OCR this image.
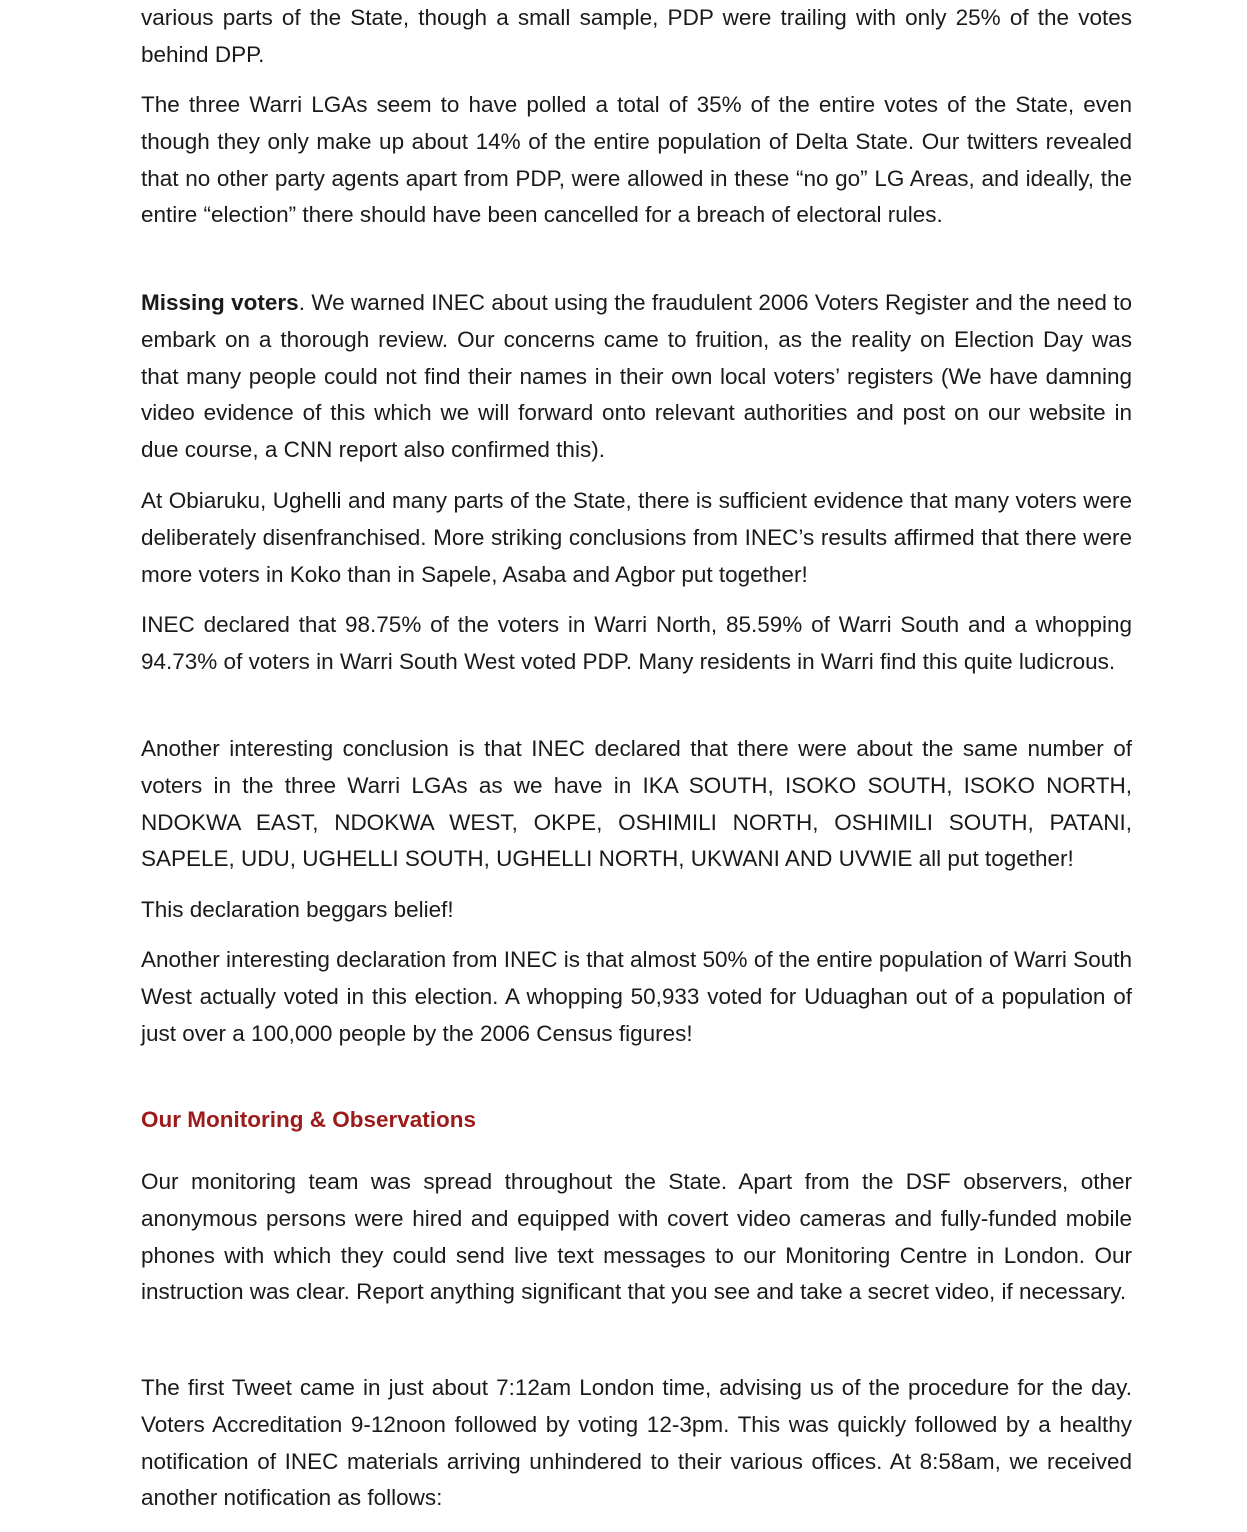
various parts of the State, though a small sample, PDP were trailing with only 25% of the votes behind DPP.

The three Warri LGAs seem to have polled a total of 35% of the entire votes of the State, even though they only make up about 14% of the entire population of Delta State. Our twitters revealed that no other party agents apart from PDP, were allowed in these “no go” LG Areas, and ideally, the entire “election” there should have been cancelled for a breach of electoral rules.

Missing voters. We warned INEC about using the fraudulent 2006 Voters Register and the need to embark on a thorough review. Our concerns came to fruition, as the reality on Election Day was that many people could not find their names in their own local voters’ registers (We have damning video evidence of this which we will forward onto relevant authorities and post on our website in due course, a CNN report also confirmed this).

At Obiaruku, Ughelli and many parts of the State, there is sufficient evidence that many voters were deliberately disenfranchised. More striking conclusions from INEC’s results affirmed that there were more voters in Koko than in Sapele, Asaba and Agbor put together!

INEC declared that 98.75% of the voters in Warri North, 85.59% of Warri South and a whopping 94.73% of voters in Warri South West voted PDP. Many residents in Warri find this quite ludicrous.

Another interesting conclusion is that INEC declared that there were about the same number of voters in the three Warri LGAs as we have in IKA SOUTH, ISOKO SOUTH, ISOKO NORTH, NDOKWA EAST, NDOKWA WEST, OKPE, OSHIMILI NORTH, OSHIMILI SOUTH, PATANI, SAPELE, UDU, UGHELLI SOUTH, UGHELLI NORTH, UKWANI AND UVWIE all put together!

This declaration beggars belief!

Another interesting declaration from INEC is that almost 50% of the entire population of Warri South West actually voted in this election. A whopping 50,933 voted for Uduaghan out of a population of just over a 100,000 people by the 2006 Census figures!

Our Monitoring & Observations

Our monitoring team was spread throughout the State. Apart from the DSF observers, other anonymous persons were hired and equipped with covert video cameras and fully-funded mobile phones with which they could send live text messages to our Monitoring Centre in London. Our instruction was clear. Report anything significant that you see and take a secret video, if necessary.

The first Tweet came in just about 7:12am London time, advising us of the procedure for the day. Voters Accreditation 9-12noon followed by voting 12-3pm. This was quickly followed by a healthy notification of INEC materials arriving unhindered to their various offices. At 8:58am, we received another notification as follows:
